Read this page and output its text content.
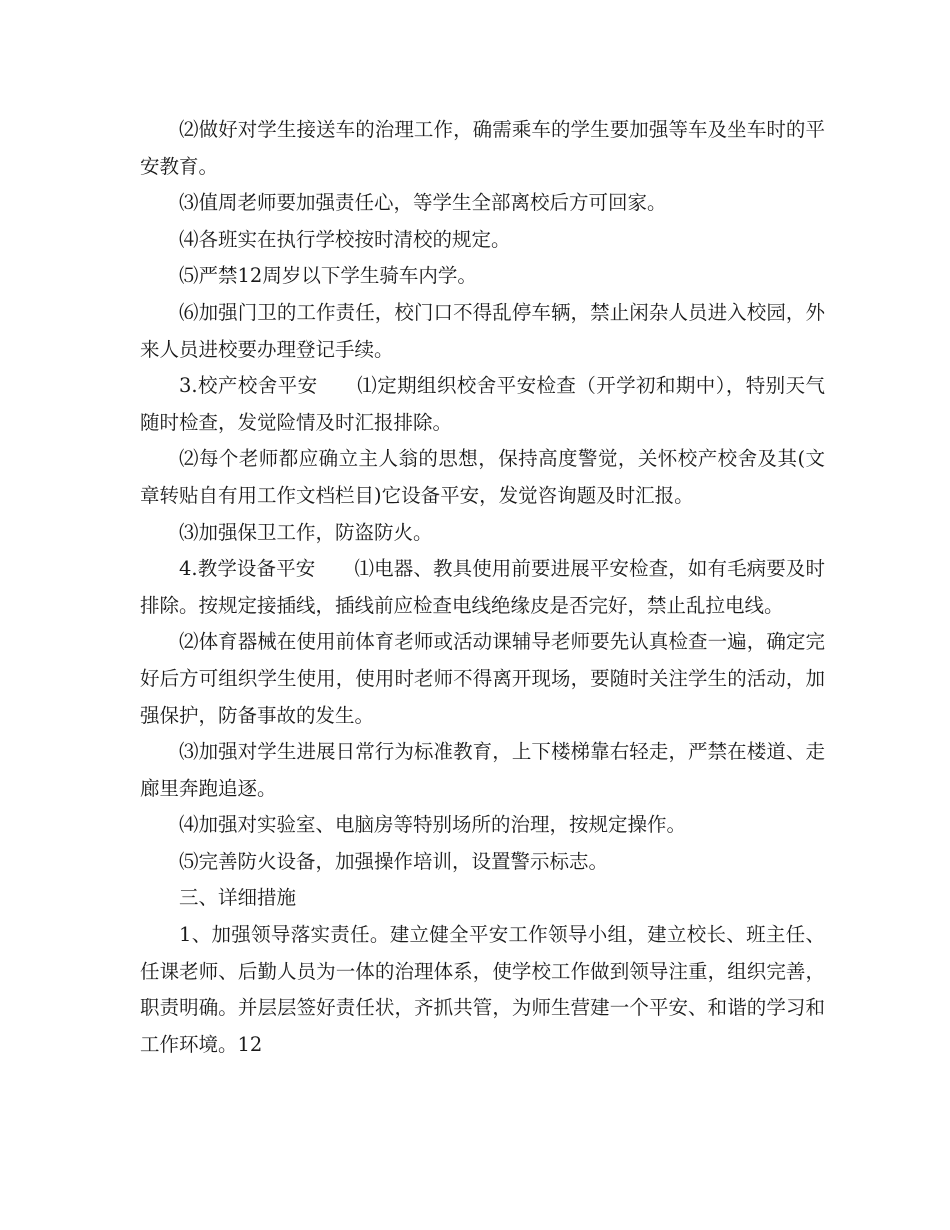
⑵做好对学生接送车的治理工作，确需乘车的学生要加强等车及坐车时的平安教育。

⑶值周老师要加强责任心，等学生全部离校后方可回家。

⑷各班实在执行学校按时清校的规定。

⑸严禁12周岁以下学生骑车内学。

⑹加强门卫的工作责任，校门口不得乱停车辆，禁止闲杂人员进入校园，外来人员进校要办理登记手续。

3.校产校舍平安　　⑴定期组织校舍平安检查（开学初和期中），特别天气随时检查，发觉险情及时汇报排除。

⑵每个老师都应确立主人翁的思想，保持高度警觉，关怀校产校舍及其(文章转贴自有用工作文档栏目)它设备平安，发觉咨询题及时汇报。

⑶加强保卫工作，防盗防火。

4.教学设备平安　　⑴电器、教具使用前要进展平安检查，如有毛病要及时排除。按规定接插线，插线前应检查电线绝缘皮是否完好，禁止乱拉电线。

⑵体育器械在使用前体育老师或活动课辅导老师要先认真检查一遍，确定完好后方可组织学生使用，使用时老师不得离开现场，要随时关注学生的活动，加强保护，防备事故的发生。

⑶加强对学生进展日常行为标准教育，上下楼梯靠右轻走，严禁在楼道、走廊里奔跑追逐。

⑷加强对实验室、电脑房等特别场所的治理，按规定操作。

⑸完善防火设备，加强操作培训，设置警示标志。

三、详细措施

1、加强领导落实责任。建立健全平安工作领导小组，建立校长、班主任、任课老师、后勤人员为一体的治理体系，使学校工作做到领导注重，组织完善，职责明确。并层层签好责任状，齐抓共管，为师生营建一个平安、和谐的学习和工作环境。12
